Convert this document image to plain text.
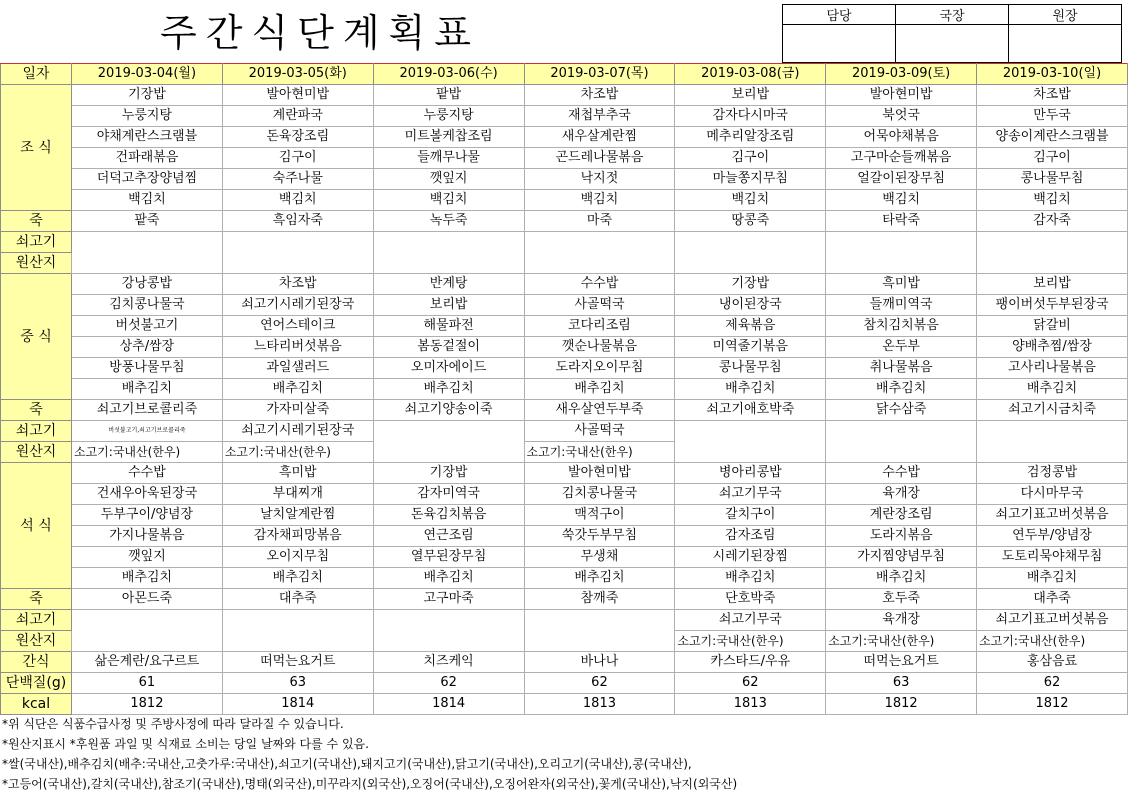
주간식단계획표	담당	국장	원장

일자	2019-03-04(월)	2019-03-05(화)	2019-03-06(수)	2019-03-07(목)	2019-03-08(금)	2019-03-09(토)	2019-03-10(일)
조 식	기장밥	발아현미밥	팥밥	차조밥	보리밥	발아현미밥	차조밥
	누룽지탕	계란파국	누룽지탕	재첩부추국	감자다시마국	북엇국	만두국
	야채계란스크램블	돈육장조림	미트볼케찹조림	새우살계란찜	메추리알장조림	어묵야채볶음	양송이계란스크램블
	건파래볶음	김구이	들깨무나물	곤드레나물볶음	김구이	고구마순들깨볶음	김구이
	더덕고추장양념찜	숙주나물	깻잎지	낙지젓	마늘쫑지무침	얼갈이된장무침	콩나물무침
	백김치	백김치	백김치	백김치	백김치	백김치	백김치
죽	팥죽	흑임자죽	녹두죽	마죽	땅콩죽	타락죽	감자죽
쇠고기							
원산지							
중 식	강낭콩밥	차조밥	반계탕	수수밥	기장밥	흑미밥	보리밥
	김치콩나물국	쇠고기시레기된장국	보리밥	사골떡국	냉이된장국	들깨미역국	팽이버섯두부된장국
	버섯불고기	연어스테이크	해물파전	코다리조림	제육볶음	참치김치볶음	닭갈비
	상추/쌈장	느타리버섯볶음	봄동겉절이	깻순나물볶음	미역줄기볶음	온두부	양배추찜/쌈장
	방풍나물무침	과일샐러드	오미자에이드	도라지오이무침	콩나물무침	취나물볶음	고사리나물볶음
	배추김치	배추김치	배추김치	배추김치	배추김치	배추김치	배추김치
죽	쇠고기브로콜리죽	가자미살죽	쇠고기양송이죽	새우살연두부죽	쇠고기애호박죽	닭수삼죽	쇠고기시금치죽
쇠고기	버섯불고기,쇠고기브로콜리죽	쇠고기시레기된장국		사골떡국			
원산지	소고기:국내산(한우)	소고기:국내산(한우)		소고기:국내산(한우)			
석 식	수수밥	흑미밥	기장밥	발아현미밥	병아리콩밥	수수밥	검정콩밥
	건새우아욱된장국	부대찌개	감자미역국	김치콩나물국	쇠고기무국	육개장	다시마무국
	두부구이/양념장	날치알계란찜	돈육김치볶음	맥적구이	갈치구이	계란장조림	쇠고기표고버섯볶음
	가지나물볶음	감자채피망볶음	연근조림	쑥갓두부무침	감자조림	도라지볶음	연두부/양념장
	깻잎지	오이지무침	열무된장무침	무생채	시레기된장찜	가지찜양념무침	도토리묵야채무침
	배추김치	배추김치	배추김치	배추김치	배추김치	배추김치	배추김치
죽	아몬드죽	대추죽	고구마죽	참깨죽	단호박죽	호두죽	대추죽
쇠고기					쇠고기무국	육개장	쇠고기표고버섯볶음
원산지					소고기:국내산(한우)	소고기:국내산(한우)	소고기:국내산(한우)
간식	삶은계란/요구르트	떠먹는요거트	치즈케익	바나나	카스타드/우유	떠먹는요거트	홍삼음료
단백질(g)	61	63	62	62	62	63	62
kcal	1812	1814	1814	1813	1813	1812	1812
*위 식단은 식품수급사정 및 주방사정에 따라 달라질 수 있습니다.
*원산지표시 *후원품 과일 및 식재료 소비는 당일 날짜와 다를 수 있음.
*쌀(국내산),배추김치(배추:국내산,고춧가루:국내산),쇠고기(국내산),돼지고기(국내산),닭고기(국내산),오리고기(국내산),콩(국내산),
*고등어(국내산),갈치(국내산),참조기(국내산),명태(외국산),미꾸라지(외국산),오징어(국내산),오징어완자(외국산),꽃게(국내산),낙지(외국산)
